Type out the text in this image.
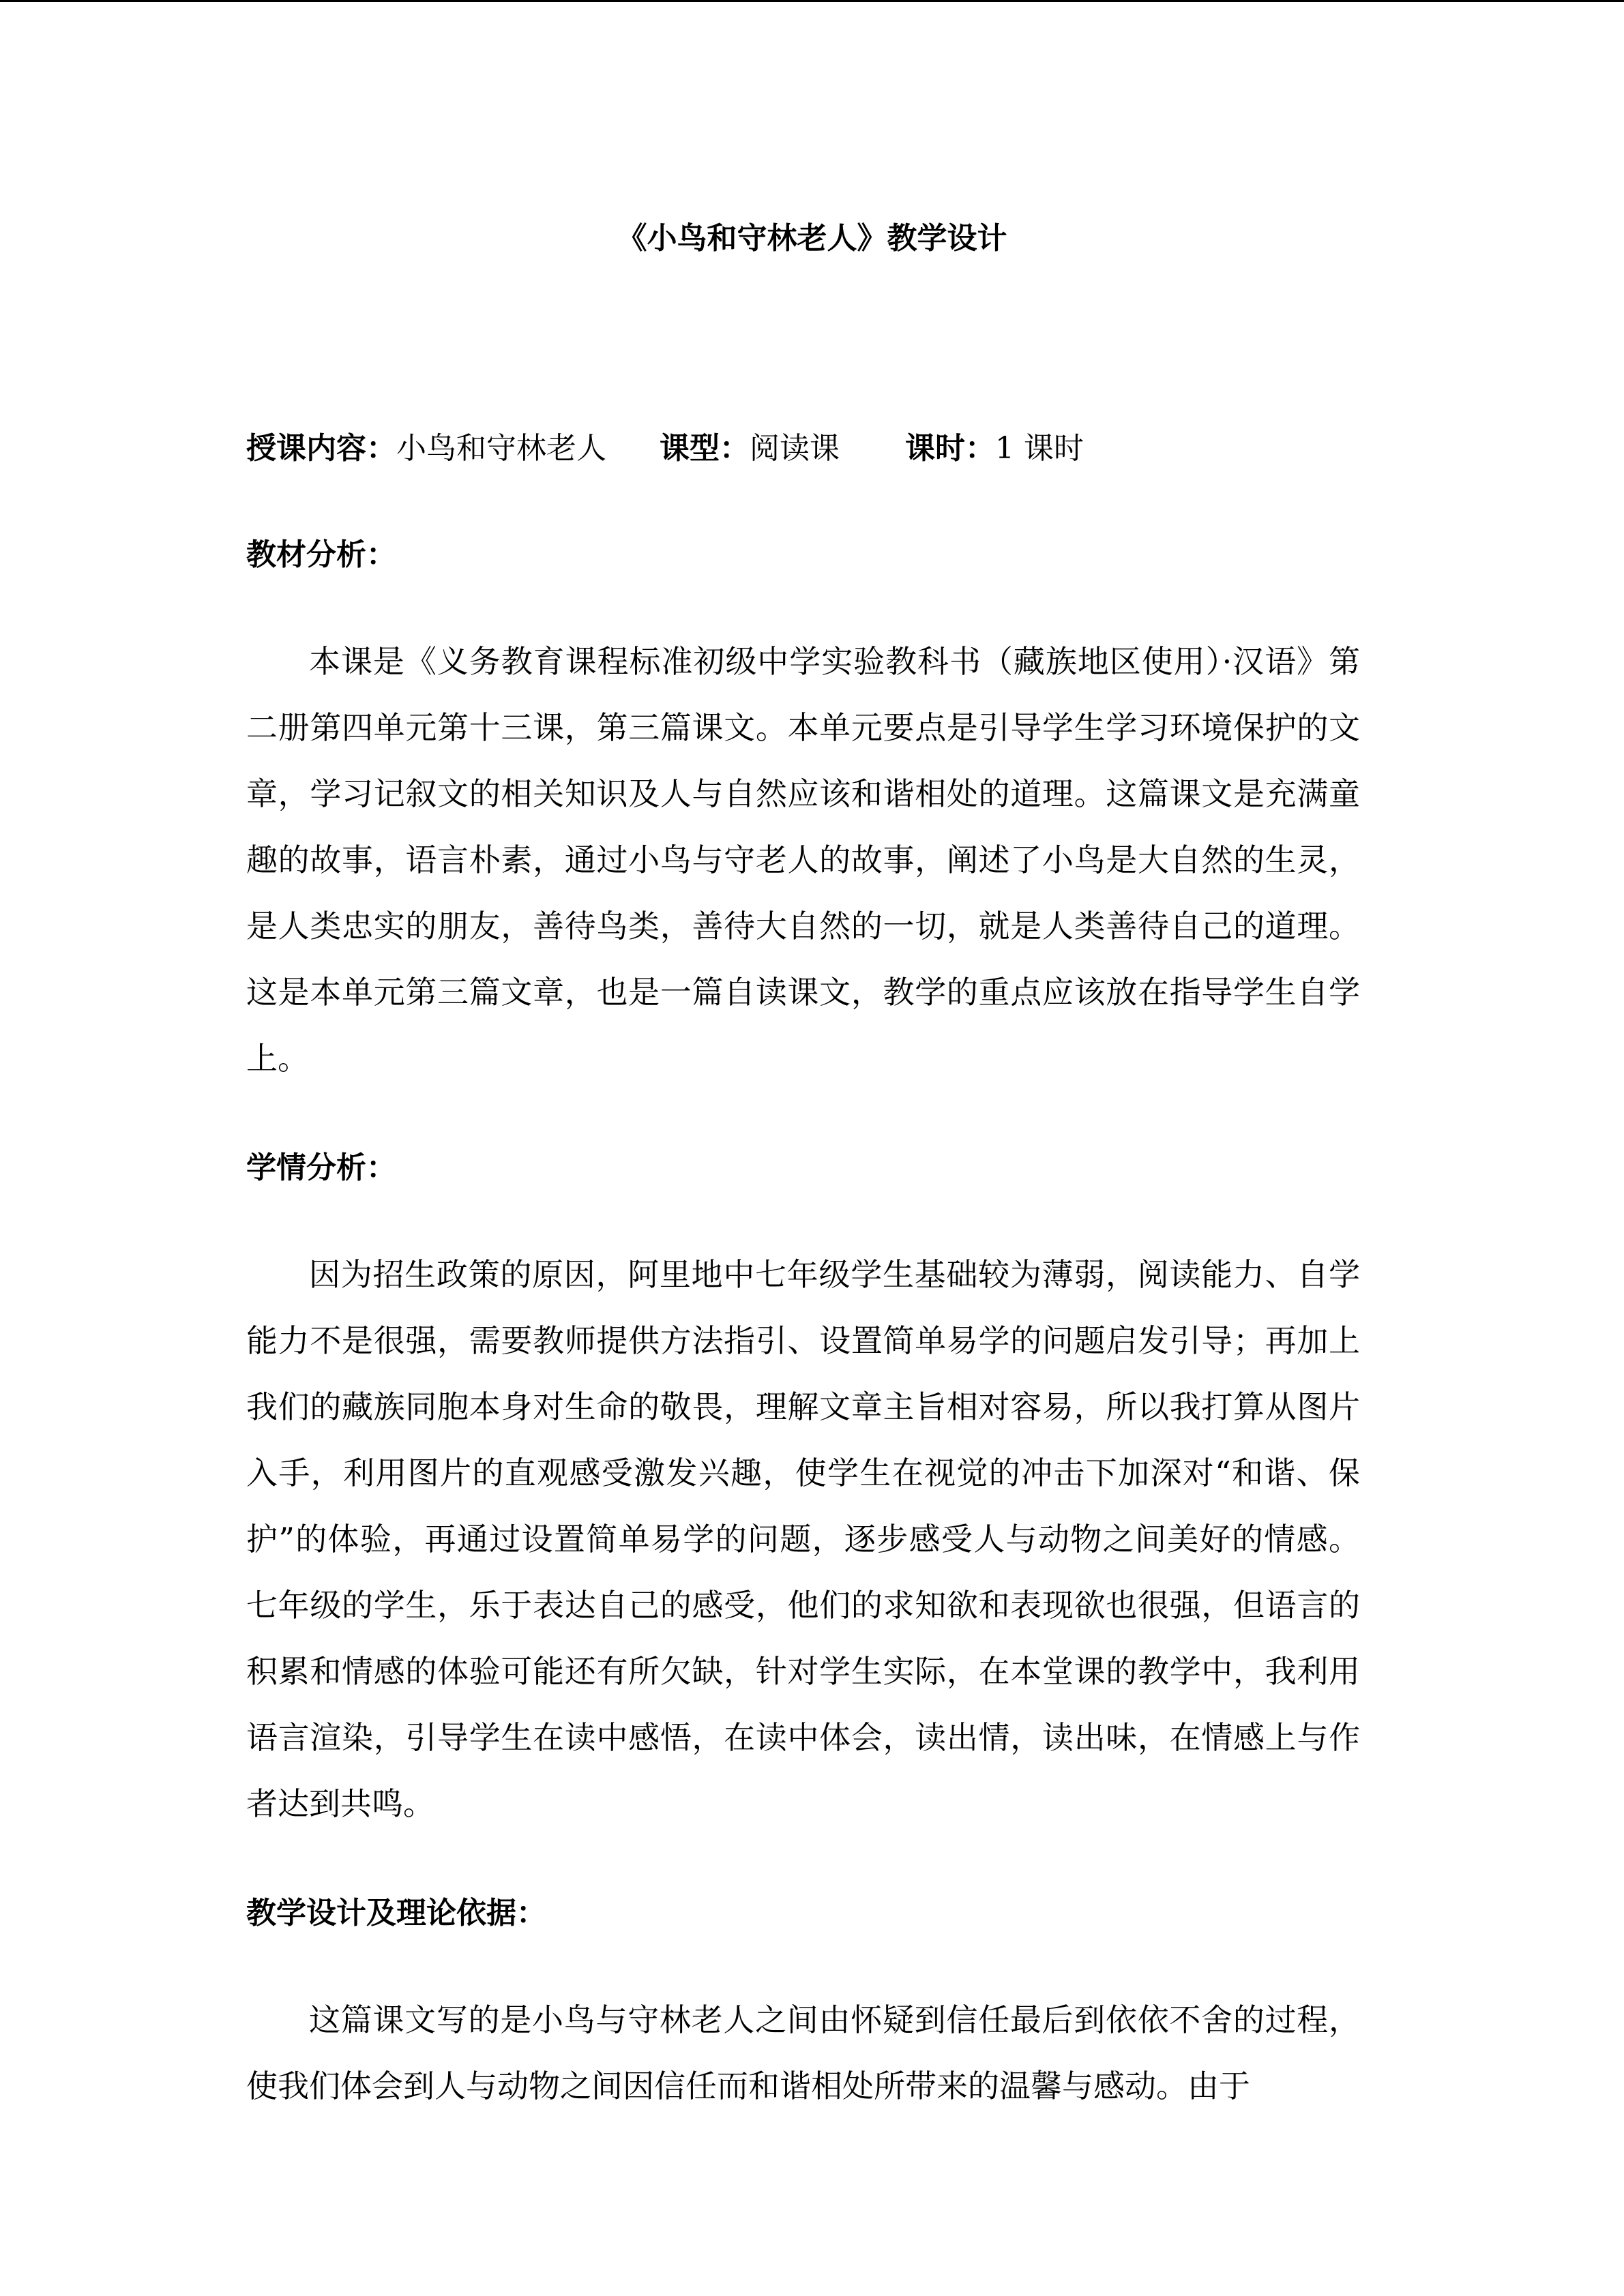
《小鸟和守林老人》教学设计

授课内容：小鸟和守林老人 课型：阅读课 课时：1 课时

教材分析：

本课是《义务教育课程标准初级中学实验教科书（藏族地区使用）·汉语》第二册第四单元第十三课，第三篇课文。本单元要点是引导学生学习环境保护的文章，学习记叙文的相关知识及人与自然应该和谐相处的道理。这篇课文是充满童趣的故事，语言朴素，通过小鸟与守老人的故事，阐述了小鸟是大自然的生灵，是人类忠实的朋友，善待鸟类，善待大自然的一切，就是人类善待自己的道理。这是本单元第三篇文章，也是一篇自读课文，教学的重点应该放在指导学生自学上。

学情分析：

因为招生政策的原因，阿里地中七年级学生基础较为薄弱，阅读能力、自学能力不是很强，需要教师提供方法指引、设置简单易学的问题启发引导；再加上我们的藏族同胞本身对生命的敬畏，理解文章主旨相对容易，所以我打算从图片入手，利用图片的直观感受激发兴趣，使学生在视觉的冲击下加深对“和谐、保护”的体验，再通过设置简单易学的问题，逐步感受人与动物之间美好的情感。七年级的学生，乐于表达自己的感受，他们的求知欲和表现欲也很强，但语言的积累和情感的体验可能还有所欠缺，针对学生实际，在本堂课的教学中，我利用语言渲染，引导学生在读中感悟，在读中体会，读出情，读出味，在情感上与作者达到共鸣。

教学设计及理论依据：

这篇课文写的是小鸟与守林老人之间由怀疑到信任最后到依依不舍的过程，使我们体会到人与动物之间因信任而和谐相处所带来的温馨与感动。由于
